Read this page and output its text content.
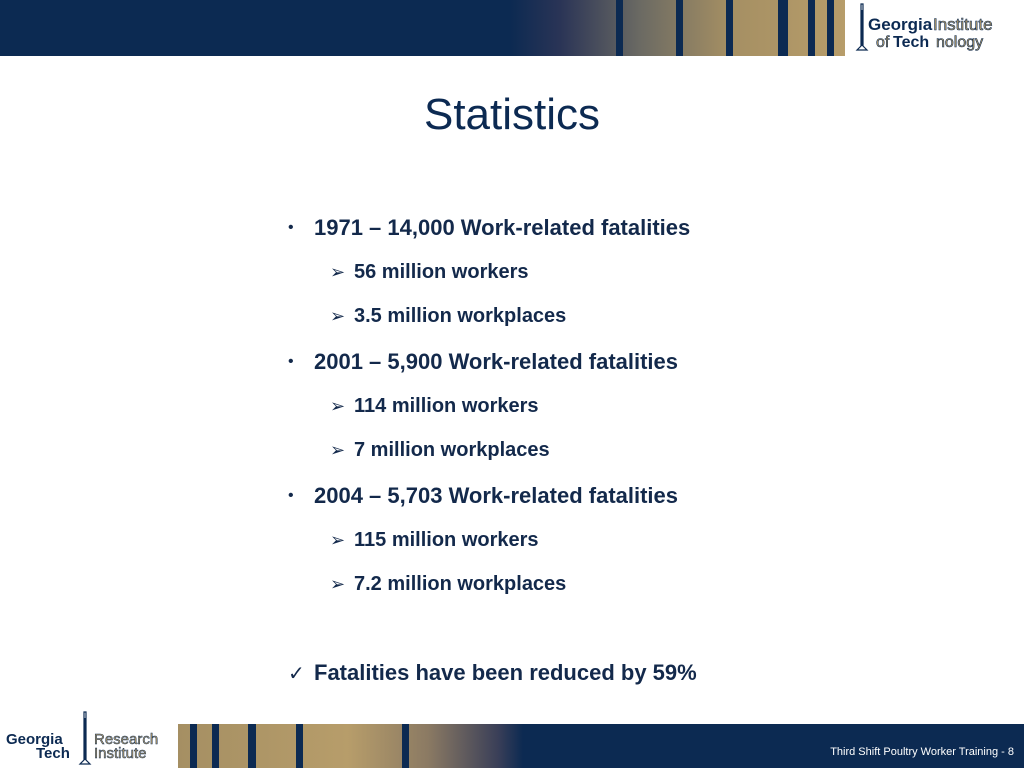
Georgia Institute
of Tech nology
Statistics
• 1971 – 14,000 Work-related fatalities
➢ 56 million workers
➢ 3.5 million workplaces
• 2001 – 5,900 Work-related fatalities
➢ 114 million workers
➢ 7 million workplaces
• 2004 – 5,703 Work-related fatalities
➢ 115 million workers
➢ 7.2 million workplaces
✓ Fatalities have been reduced by 59%
Georgia
Tech
Research
Institute	Third Shift Poultry Worker Training - 8
